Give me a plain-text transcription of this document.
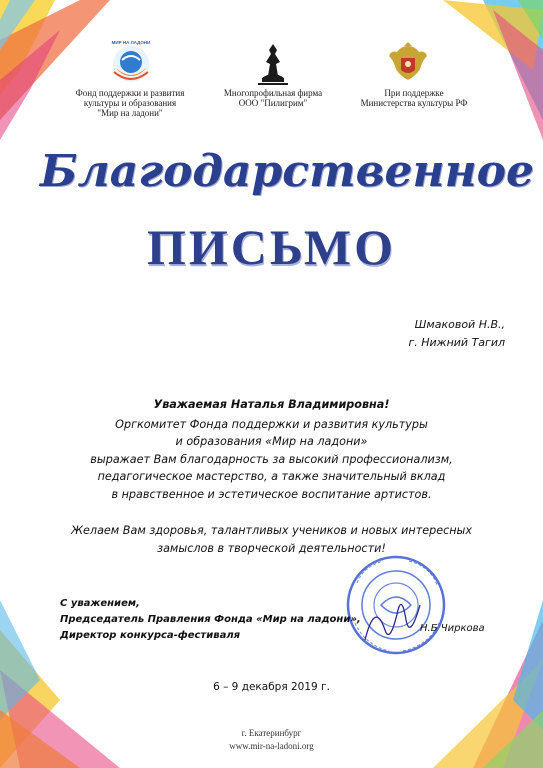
МИР НА ЛАДОНИ
Фонд поддержки и развития
культуры и образования
"Мир на ладони"
Многопрофильная фирма
ООО "Пилигрим"
При поддержке
Министерства культуры РФ
Благодарственное
ПИСЬМО
Шмаковой Н.В.,
г. Нижний Тагил
Уважаемая Наталья Владимировна!
Оргкомитет Фонда поддержки и развития культуры
и образования «Мир на ладони»
выражает Вам благодарность за высокий профессионализм,
педагогическое мастерство, а также значительный вклад
в нравственное и эстетическое воспитание артистов.
Желаем Вам здоровья, талантливых учеников и новых интересных
замыслов в творческой деятельности!
С уважением,
Председатель Правления Фонда «Мир на ладони»,
Директор конкурса-фестиваля
Н.Б Чиркова
6 – 9 декабря 2019 г.
г. Екатеринбург
www.mir-na-ladoni.org
